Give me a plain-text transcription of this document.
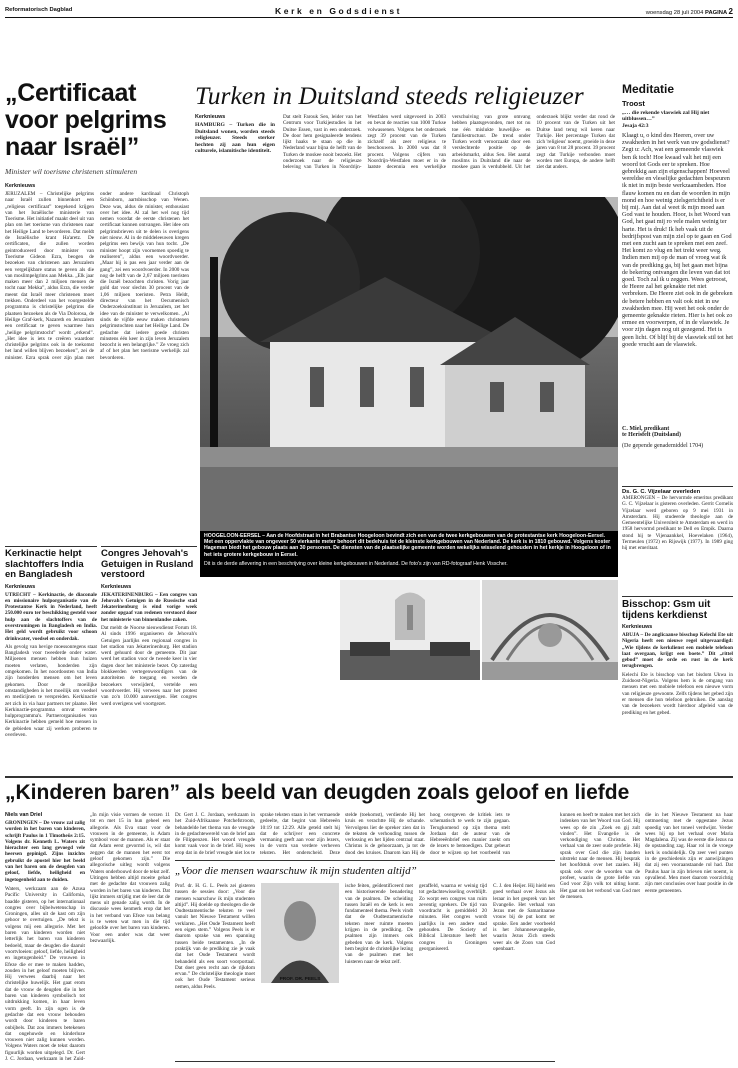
Reformatorisch Dagblad	Kerk en Godsdienst	woensdag 28 juli 2004 PAGINA 2
„Certificaat voor pelgrims naar Israël”
Minister wil toerisme christenen stimuleren
Kerknieuws
JERUZALEM – Christelijke pelgrims naar Israël zullen binnenkort een „religieus certificaat” toegekend krijgen van het Israëlische ministerie van Toerisme. Het initiatief maakt deel uit van plan om het toerisme van christenen naar het Heilige Land te bevorderen. Dat meldt de Israëlische krant Ha'aretz. De certificaten, die zullen worden geintroduceerd door minister van Toerisme Gideon Ezra, beogen de bezoeken van christenen aan Jeruzalem een vergelijkbare status te geven als die van moslimpelgrims aan Mekka. „Elk jaar maken meer dan 2 miljoen mensen de tocht naar Mekka”, aldus Ezra, die verder meent dat Israël meer christenen moet trekken. Onderdeel van het voorgestelde programma is christelijke pelgrims die plaatsen bezoeken als de Via Dolorosa, de Heilige Graf-kerk, Nazareth en Jeruzalem een certificaat te geven waarmee hun „heilige pelgrimstocht” wordt „erkend”. „Het idee is iets te creëren waardoor christelijke pelgrims ook in de toekomst het land willen blijven bezoeken”, zei de minister. Ezra sprak over zijn plan met onder andere kardinaal Christoph Schönborn, aartsbisschop van Wenen. Deze was, aldus de minister, enthousiast over het idee. Al zal het wel nog tijd nemen voordat de eerste christenen het certificaat kunnen ontvangen. Het idee om pelgrimsbrieven uit te delen is overigens niet nieuw. Al in de middeleeuwen kregen pelgrims een bewijs van hun tocht. „De minister hoopt zijn voornemen spoedig te realiseren”, aldus een woordvoerder. „Maar hij is pas een jaar verder aan de gang”, zei een woordvoerder. In 2000 was nog de helft van de 2,67 miljoen toeristen die Israël bezochten christen. Vorig jaar gold dat voor slechts 30 procent van de 1,06 miljoen toeristen. Petra Heldt, directeur van het Oecumenisch Onderzoeksinstituut in Jeruzalem, zet het idee van de minister te verwelkomen. „Al sinds de vijfde eeuw maken christenen pelgrimstochten naar het Heilige Land. De gedachte dat iedere goede christen minstens één keer in zijn leven Jeruzalem bezocht is een belangrijke.” Ze vroeg zich af of het plan het toerisme werkelijk zal bevorderen.
Turken in Duitsland steeds religieuzer
Kerknieuws
HAMBURG – Turken die in Duitsland wonen, worden steeds religieuzer. Steeds sterker hechten zij aan hun eigen culturele, islamitische identiteit.
Dat stelt Farouk Sen, leider van het Centrum voor Turkijestudies in het Duitse Essen, vast in een onderzoek. De door hem gesignaleerde tendens lijkt haaks te staan op die in Nederland waar bijna de helft van de Turken de moskee nooit bezoekt. Het onderzoek naar de religieuze beleving van Turken in Noordrijn-Westfalen werd uitgevoerd in 2003 en bevat de reacties van 1000 Turkse volwassenen. Volgens het onderzoek zegt 39 procent van de Turken zichzelf als zeer religieus te beschouwen. In 2000 was dat 8 procent. Volgens cijfers van Noordrijn-Westfalen moet er in de laatste decennia een werkelijke verschuiving van grote omvang hebben plaatsgevonden, met tot nu toe één mislukte huwelijks- en familiestructuur. De trend onder Turken wordt veroorzaakt door een verslechterde positie op de arbeidsmarkt, aldus Sen. Het aantal moslims in Duitsland die naar de moskee gaan is verdubbeld. Uit het onderzoek blijkt verder dat rond de 10 procent van de Turken uit het Duitse land terug wil keren naar Turkije. Het percentage Turken dat zich 'religieus' noemt, groeide in deze jaren van 8 tot 28 procent. 39 procent zegt dat Turkije verbonden moet worden met Europa, de andere helft ziet dat anders.
HOOGELOON-EERSEL – Aan de Hoofdstraat in het Brabantse Hoogeloon bevindt zich een van de twee kerkgebouwen van de protestantse kerk Hoogeloon-Eersel. Met een oppervlakte van ongeveer 50 vierkante meter behoort dit bedehuis tot de kleinste kerkgebouwen van Nederland. De kerk is in 1810 gebouwd. Volgens koster Hageman biedt het gebouw plaats aan 30 personen. De diensten van de plaatselijke gemeente worden wekelijks wisselend gehouden in het kerkje in Hoogeloon of in het iets grotere kerkgebouw in Eersel.
Dit is de derde aflevering in een beschrijving over kleine kerkgebouwen in Nederland. De foto's zijn van RD-fotograaf Henk Visscher.
Meditatie
Troost
„… die rekende vlaswiek zal Hij niet uitblussen…”
Jesaja 42:3
Klaagt u, o kind des Heeren, over uw zwakheden in het werk van uw godsdienst? Zegt u: Ach, wat een gemeende vlaswiek ben ik toch! Hoe kwaad valt het mij een woord tot Gods eer te spreken. Hoe gebrekkig aan zijn eigenschappen! Hoeveel wereldse en vleselijke gedachten bespeuren ik niet in mijn beste werkzaamheden. Hoe flauw komen nu en dan de woorden in mijn mond en hoe weinig zielsgerichtheid is er bij mij. Aan dat al weet ik mijn moed aan God vast te houden. Hoor, is het Woord van God, het gaat mij ro vele malen weinig ter harte. Het is druk! Ik heb vaak uit de bedrijfspost van mijn ziel op te gaan en God met een zucht aan te spreken met een zeef. Het komt zo vlug en het trekt weer weg. Indien men mij op de man of vroeg wat ik van de prediking ga, bij het gaan met bijna de bekering ontvangen die leven van dat tot goed. Toch zal ik u zeggen. Wees getroost, de Heere zal het geknakte riet niet verbreken. De Heere ziet ook in de gebreken de betere hebben en valt ook niet in uw zwakheden mee. Hij weet het ook onder de gemeente geknakte rieten. Hier is het ook zo ermee en voorwerpen, of in de vlaswiek. Je voor zijn dagen nog uit gezegend. Het is geen licht. Of blijf bij de vlaswiek stil tot het goede vrucht aan de vlaswiek.
C. Miel, predikant
te Herisfelt (Duitsland)
(De gepende genademiddel 1704)
Ds. G. C. Vijzelaar overleden
AMERONGEN – De hervormde emeritus predikant G. C. Vijzelaar is gisteren overleden. Gerrit Cornelis Vijzelaar werd geboren op 9 mei 1931 in Amsterdam. Hij studeerde theologie aan de Gemeentelijke Universiteit te Amsterdam en werd in 1958 hervormd predikant te Dell en Empik. Daarna stond hij te Vijenaankkel, Hoevelaken (1964), Termeulen (1972) en Rijswijk (1977). In 1989 ging hij met emeritaat.
Bisschop: Gsm uit tijdens kerkdienst
Kerknieuws
ABUJA – De anglicaanse bisschop Kelechi Ete uit Nigeria heeft een nieuwe regel uitgevaardigd: „Wie tijdens de kerkdienst een mobiele telefoon laat overgaan, krijgt een boete.” Dit „rittel gebod” moet de orde en rust in de kerk terugbrengen.
Kelechi Ete is bisschop van het bisdom Ukwa in Zuidoost-Nigeria. Volgens hem is de omgang van mensen met een mobiele telefoon een nieuwe vorm van religieuze gewoonte. Zelfs tijdens het gebed zijn er mensen die hun telefoon gebruiken. De aanslag van de bezoekers wordt hierdoor afgeleid van de prediking en het gebed.
Kerkinactie helpt slachtoffers India en Bangladesh
Kerknieuws
UTRECHT – Kerkinactie, de diaconale en missionaire hulporganisatie van de Protestantse Kerk in Nederland, heeft 250.000 euro ter beschikking gesteld voor hulp aan de slachtoffers van de overstromingen in Bangladesh en India. Het geld wordt gebruikt voor schoon drinkwater, voedsel en onderdak.
Als gevolg van hevige moessonregens staat Bangladesh voor tweederde onder water. Miljoenen mensen hebben hun huizen moeten verlaten, honderden zijn omgekomen. In het noordoosten van India zijn honderden mensen om het leven gekomen. Door de moeilijke omstandigheden is het moeilijk om voedsel en medicijnen te verspreiden. Kerkinactie zet zich in via haar partners ter plaatse. Het Kerkinactie-programma omvat verdere hulpprogramma's. Partnerorganisaties van Kerkinactie hebben gemeld hoe mensen in de gebieden waar zij werken proberen te overleven.
Congres Jehovah's Getuigen in Rusland verstoord
Kerknieuws
JEKATERINENBURG – Een congres van Jehovah's Getuigen in de Russische stad Jekaterinenburg is eind vorige week zonder opgaaf van redenen verstoord door het ministerie van binnenlandse zaken.
Dat meldt de Noorse nieuwsdienst Forum 18. Al sinds 1996 organiseren de Jehovah's Getuigen jaarlijks een regionaal congres in het stadion van Jekaterinenburg. Het stadion werd gehuurd door de gemeente. Dit jaar werd het stadion voor de tweede keer in vier dagen door het ministerie bezet. Op zaterdag blokkeerden vertegenwoordigers van de autoriteiten de toegang en werden de bezoekers verwijderd, vertelde een woordvoerder. Hij verwees naar het protest van zo'n 10.000 aanwezigen. Het congres werd overigens wel voortgezet.
„Kinderen baren” als beeld van deugden zoals geloof en liefde
Niels van Driel
GRONINGEN – De vrouw zal zalig worden in het baren van kinderen, schrijft Paulus in 1 Timotheüs 2:15. Volgens dr. Kenneth L. Waters zit hierachter een lang gevoegd vele heersen gepinigd. Zijns inzichts gebruikt de apostel hier het beeld van het baren om de deugden van geloof, liefde, heiligheid en ingetogenheid aan te duiden.
Waters, werkzaam aan de Azusa Pacific University in California, baadde gisteren, op het internationaal congres over bijbelwetenschap in Groningen, alles uit de kast om zijn gehoor te overtuigen. „De tekst is volgens mij een allegorie. Met het baren van kinderen worden niet letterlijk het baren van kinderen bedoeld, maar de deugden die daaruit voortvloeien: geloof, liefde, heiligheid en ingetogenheid.” De vrouwen in Efeze die er mee te maken hadden, zouden in het geloof moeten blijven. Hij verwees daarbij naar het christelijke huwelijk. Het gaat erom dat de vrouw de deugden die in het baren van kinderen symbolisch tot uitdrukking komen, in haar leven vorm geeft. In zijn ogen is de gedachte dat een vrouw behouden wordt door kinderen te baren onbijbels. Dat zou immers betekenen dat ongehuwde en kinderloze vrouwen niet zalig kunnen worden. Volgens Waters moet de tekst daarom figuurlijk worden uitgelegd. Dr. Gert J. C. Jordaan, werkzaam in het Zuid-
„In mijn visie vormen de verzen 11 tot en met 15 in hun geheel een allegorie. Als Eva staat voor de vrouwen in de gemeente, is Adam symbool voor de mannen. Als er staat dat Adam eerst gevormd is, wil dat zeggen dat de mannen het eerst tot geloof gekomen zijn.” Die allegorische uitleg wordt volgens Waters onderbouwd door de tekst zelf. Uitingen hebben altijd moeite gehad met de gedachte dat vrouwen zalig worden in het baren van kinderen. Dat lijkt immers strijdig met de leer dat de mens uit genade zalig wordt. In de discussie wees kenmerk erop dat het in het verband van Efeze van belang is te weten wat men in die tijd geloofde over het baren van kinderen. Voor een ander was dat weer bezwaarlijk.
Dr. Gert J. C. Jordaan, werkzaam in het Zuid-Afrikaanse Potchefstroom, behandelde het thema van de vreugde in de gedachtewereld van de brief aan de Filippenzen. Het woord vreugde komt vaak voor in de brief. Hij wees erop dat in de brief vreugde niet los te
sprake teksten staan in het vermaende gedeelte, dat begint van Hebreeën 10:19 tot 12:29. Alle geteld stelt hij dat de schrijver een concrete vermaning geeft aan voor zijn lezers, in de vorm van verdere verheven teksten. Het onderscheid. Deze
stelde (toekomst), verdiende Hij het kruis en verachtte Hij de schande. Vervolgens liet de spreker zien dat in de teksten de verhouding tussen de verlossing en het lijden centraal staat. Christus is de gehoorzaam, ja tot de dood des kruises. Daarom kan Hij de
hoog overgeven de kritiek iets te schematisch te werk te zijn gegaan. Terugkomend op zijn thema stelt Jordaan dat de auteur van de Hebreeënbrief een manier zoekt om de lezers te bemoedigen. Dat gebeurt door te wijzen op het voorbeeld van
kunnen en heeft te maken met het zich indenken van het Woord van God. Hij wees op de zin „Zoek en gij zult vinden”. Het Evangelie is de verkondiging van Christus. Het verhaal van de zeer oude profetie. Hij sprak over God die zijn handen uitstrekt naar de mensen. Hij besprak het hoofdstuk over het zaaien. Hij sprak ook over de woorden van de profeet, waarin de grote liefde van God voor Zijn volk tot uiting komt. Het gaat om het verbond van God met de mensen.
die in het Nieuwe Testament na haar ontmoeting met de opgestane Jezus spoedig van het toneel verdwijnt. Verder wees hij op het verhaal over Maria Magdalena. Zij was de eerste die Jezus na de opstanding zag. Haar rol in de vroege kerk is onduidelijk. Op zeer veel punten in de geschiedenis zijn er aanwijzingen dat zij een vooraanstaande rol had. Dat Paulus haar in zijn brieven niet noemt, is opvallend. Men moet daarom voorzichtig zijn met conclusies over haar positie in de eerste gemeenten.
„Voor die mensen waarschuw ik mijn studenten altijd”
Prof. dr. H. G. L. Peels zei gisteren tussen de sessies door: „Voor die mensen waarschuw ik mijn studenten altijd”. Hij doelde op theologen die de Oudtestamentische teksten te veel vanuit het Nieuwe Testament willen verklaren. „Het Oude Testament heeft een eigen stem.” Volgens Peels is er daarom sprake van een spanning tussen beide testamenten. „In de praktijk van de prediking zie je vaak dat het Oude Testament wordt behandeld als een soort voorportaal. Dat doet geen recht aan de rijkdom ervan.” De christelijke theologie moet ook het Oude Testament serieus nemen, aldus Peels.
PROF. DR. PEELS
ische feiten, geïdentificeerd met een historiserende benadering van de psalmen. De scheiding tussen Israël en de kerk is een fundamenteel thema. Peels vindt dat de Oudtestamentische teksten meer ruimte moeten krijgen in de prediking. De psalmen zijn immers ook gebeden van de kerk. Volgens hem begint de christelijke lezing van de psalmen met het luisteren naar de tekst zelf.
geraffeld, waarna er weinig tijd tot gedachtewisseling overblijft. Zo worpt een congres van ruim zeventig sprekers. De tijd van voordracht is gemiddeld 20 minuten. Het congres wordt jaarlijks in een andere stad gehouden. De Society of Biblical Literature heeft het congres in Groningen georganiseerd.
C. J. den Heijer. Hij hield een goed verhaal over Jezus als leraar in het gesprek van het Evangelie. Het verhaal van Jezus met de Samaritaanse vrouw bij de put komt ter sprake. Een ander voorbeeld is het Johannesevangelie, waarin Jezus Zich steeds weer als de Zoon van God openbaart.
